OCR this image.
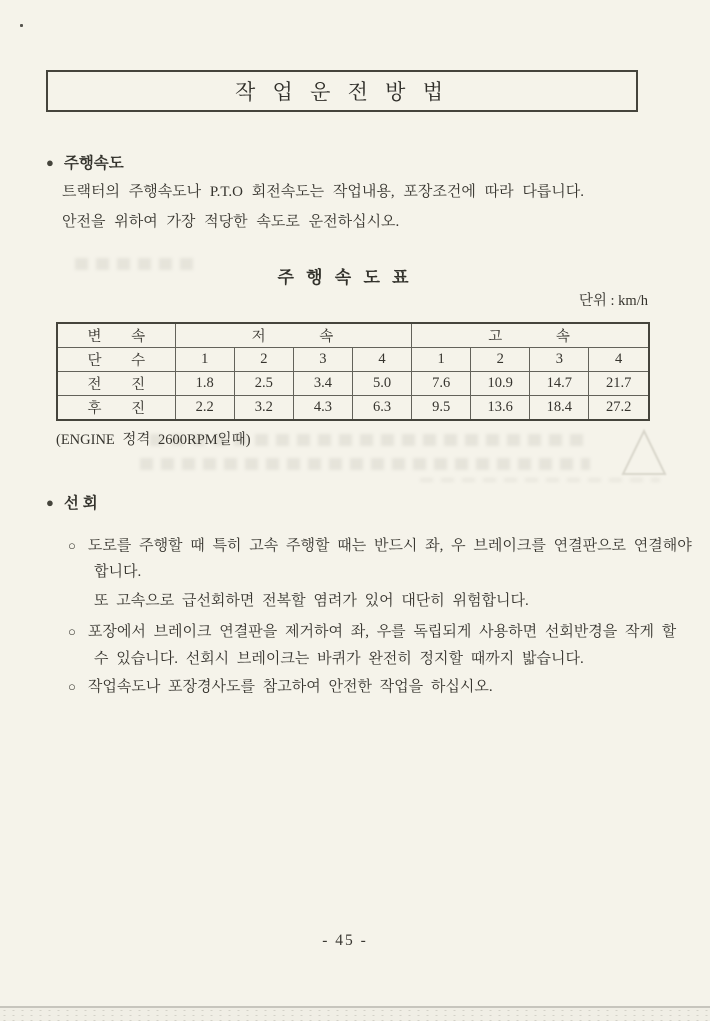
작 업 운 전 방 법
● 주행속도
트랙터의 주행속도나 P.T.O 회전속도는 작업내용, 포장조건에 따라 다릅니다.
안전을 위하여 가장 적당한 속도로 운전하십시오.
주 행 속 도 표
단위 : km/h
변 속	저 속				고 속			
단 수	1	2	3	4	1	2	3	4
전 진	1.8	2.5	3.4	5.0	7.6	10.9	14.7	21.7
후 진	2.2	3.2	4.3	6.3	9.5	13.6	18.4	27.2
(ENGINE 정격 2600RPM일때)
● 선 회
○ 도로를 주행할 때 특히 고속 주행할 때는 반드시 좌, 우 브레이크를 연결판으로 연결해야
합니다.
또 고속으로 급선회하면 전복할 염려가 있어 대단히 위험합니다.
○ 포장에서 브레이크 연결판을 제거하여 좌, 우를 독립되게 사용하면 선회반경을 작게 할
수 있습니다. 선회시 브레이크는 바퀴가 완전히 정지할 때까지 밟습니다.
○ 작업속도나 포장경사도를 참고하여 안전한 작업을 하십시오.
- 45 -
